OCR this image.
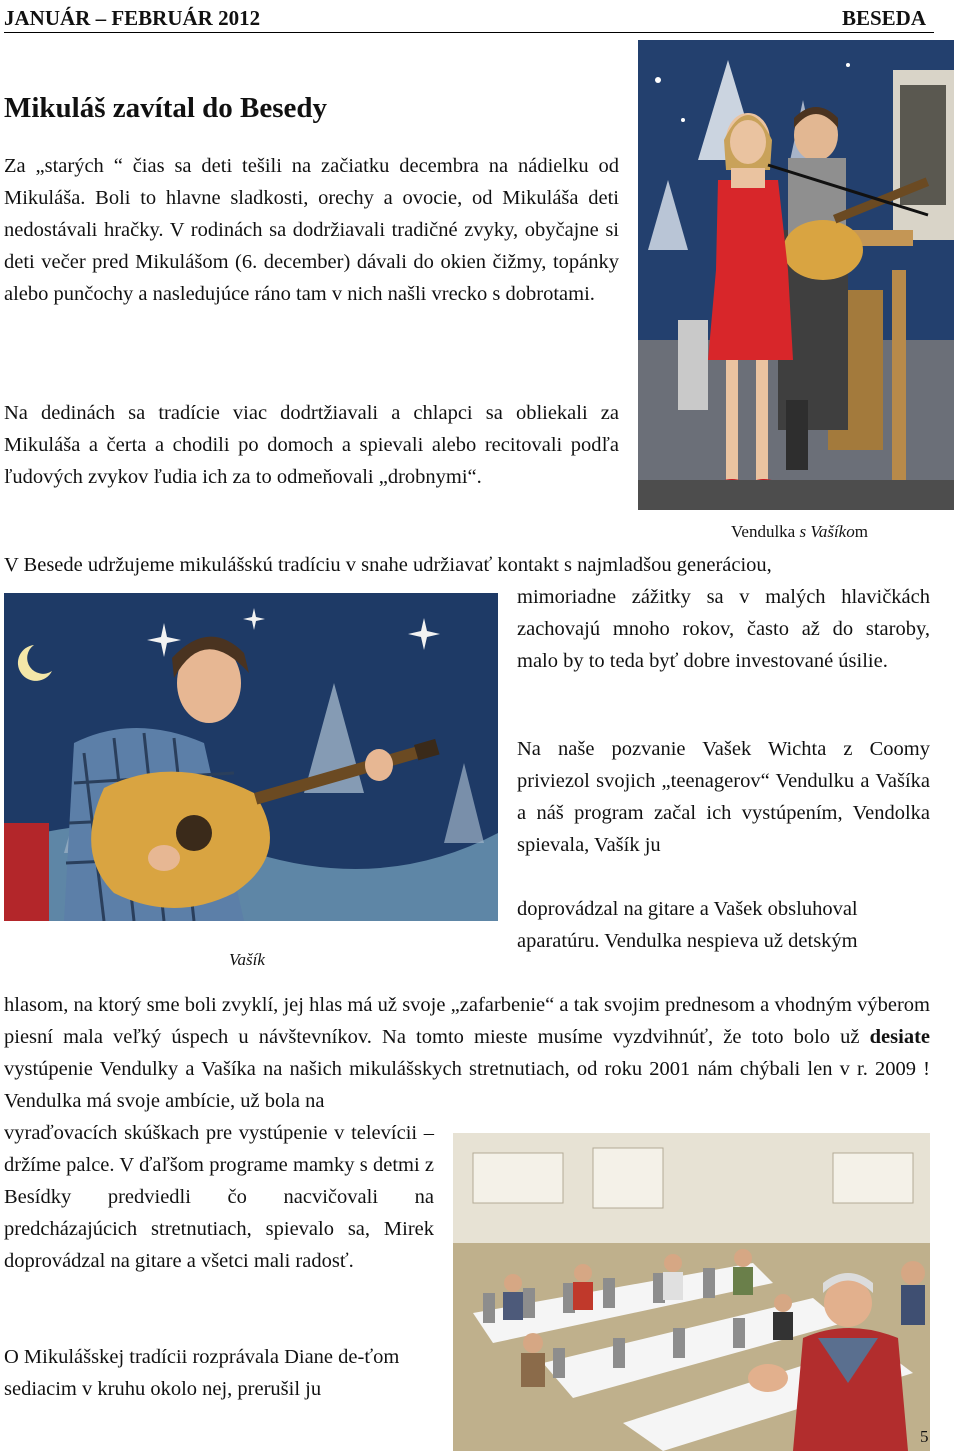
JANUÁR – FEBRUÁR 2012	BESEDA
Mikuláš zavítal do Besedy

Za „starých “ čias sa deti tešili na začiatku decembra na nádielku od Mikuláša. Boli to hlavne sladkosti, orechy a ovocie, od Mikuláša deti nedostávali hračky. V rodinách sa dodržiavali tradičné zvyky, obyčajne si deti večer pred Mikulášom (6. december) dávali do okien čižmy, topánky alebo punčochy a nasledujúce ráno tam v nich našli vrecko s dobrotami.

Na dedinách sa tradície viac dodrtžiavali a chlapci sa obliekali za Mikuláša a čerta a chodili po domoch a spievali alebo recitovali podľa ľudových zvykov ľudia ich za to odmeňovali „drobnymi“.

V Besede udržujeme mikulášskú tradíciu v snahe udržiavať kontakt s najmladšou generáciou,

mimoriadne zážitky sa v malých hlavičkách zachovajú mnoho rokov, často až do staroby, malo by to teda byť dobre investované úsilie.

Na naše pozvanie Vašek Wichta z Coomy priviezol svojich „teenagerov“ Vendulku a Vašíka a náš program začal ich vystúpením, Vendolka spievala, Vašík ju

doprovádzal na gitare a Vašek obsluhoval aparatúru. Vendulka nespieva už detským

hlasom, na ktorý sme boli zvyklí, jej hlas má už svoje „zafarbenie“ a tak svojim prednesom a vhodným výberom piesní mala veľký úspech u návštevníkov. Na tomto mieste musíme vyzdvihnúť, že toto bolo už desiate vystúpenie Vendulky a Vašíka na našich mikulášskych stretnutiach, od roku 2001 nám chýbali len v r. 2009 ! Vendulka má svoje ambície, už bola na

vyraďovacích skúškach pre vystúpenie v televícii – držíme palce. V ďaľšom programe mamky s detmi z Besídky predviedli čo nacvičovali na predcházajúcich stretnutiach, spievalo sa, Mirek doprovádzal na gitare a všetci mali radosť.

O Mikulášskej tradícii rozprávala Diane de-ťom sediacim v kruhu okolo nej, prerušil ju

Vendulka s Vašíkom
Vašík
5
